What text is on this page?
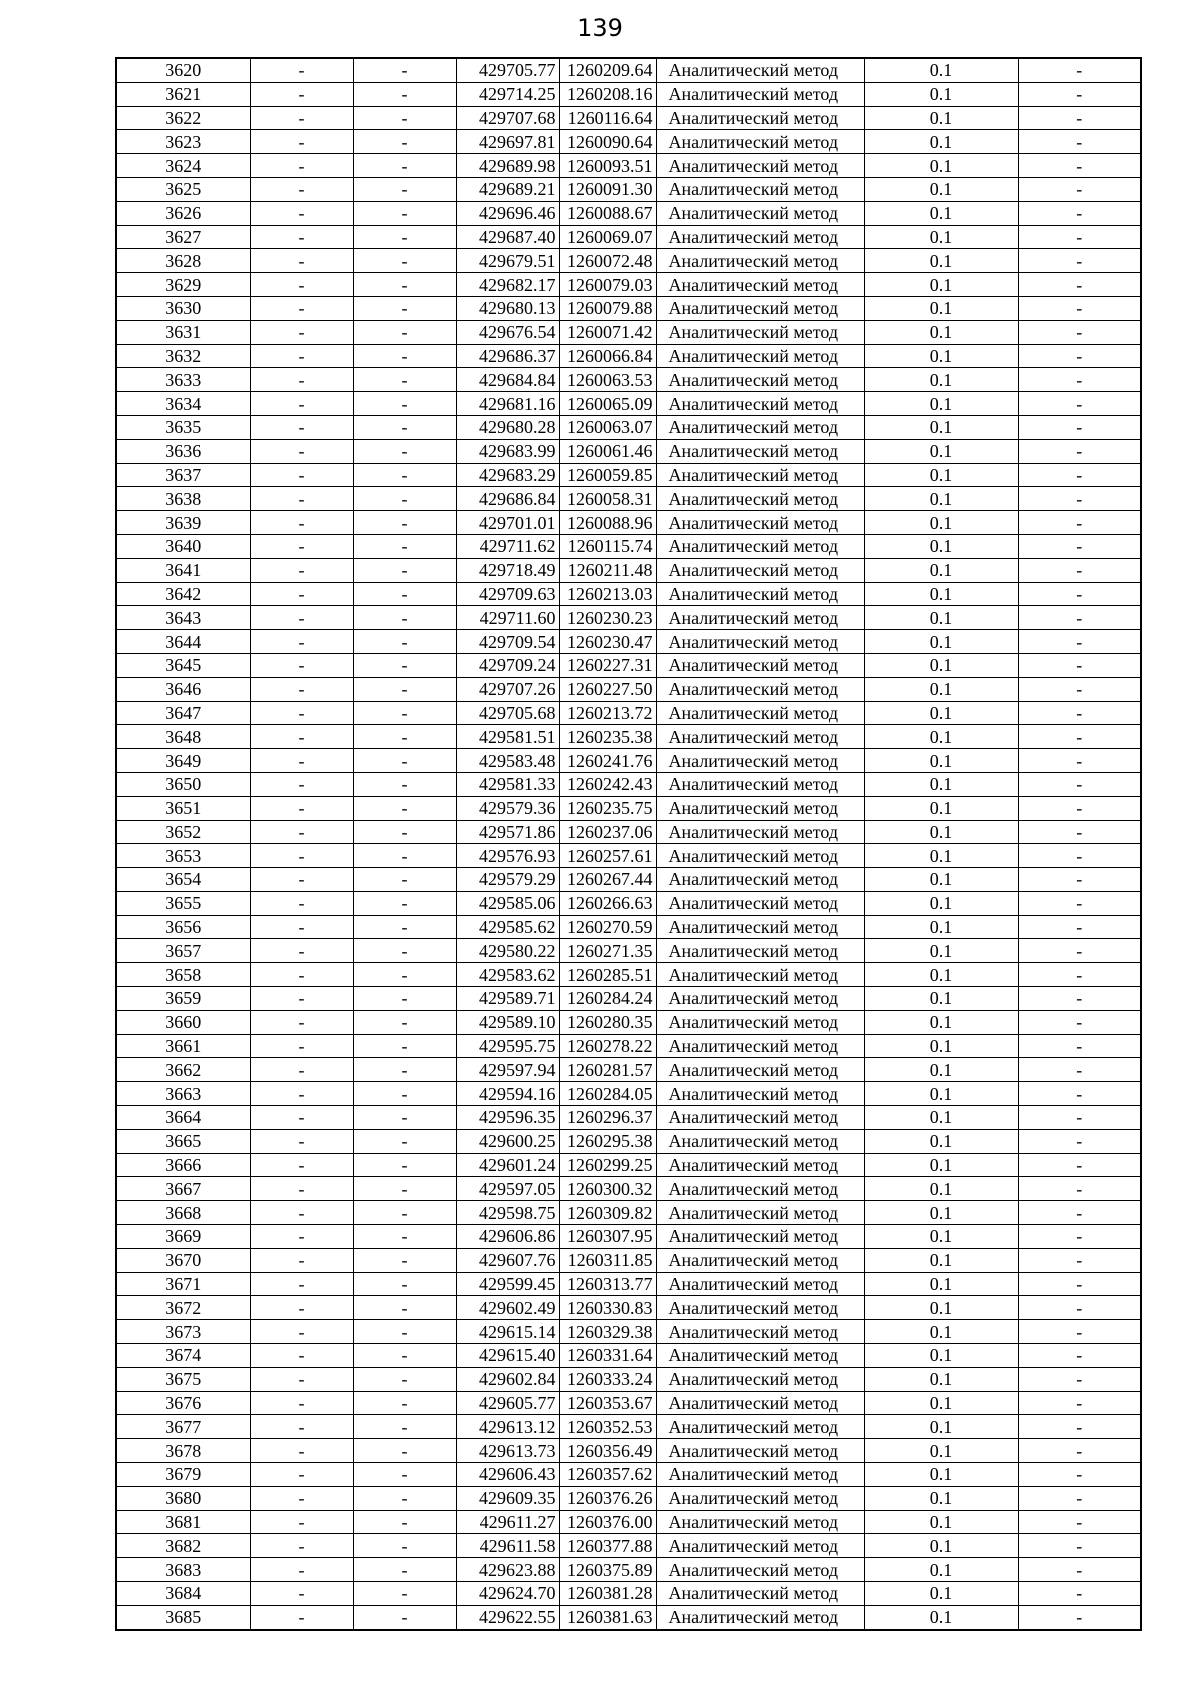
139
3620	-	-	429705.77	1260209.64	Аналитический метод	0.1	-
3621	-	-	429714.25	1260208.16	Аналитический метод	0.1	-
3622	-	-	429707.68	1260116.64	Аналитический метод	0.1	-
3623	-	-	429697.81	1260090.64	Аналитический метод	0.1	-
3624	-	-	429689.98	1260093.51	Аналитический метод	0.1	-
3625	-	-	429689.21	1260091.30	Аналитический метод	0.1	-
3626	-	-	429696.46	1260088.67	Аналитический метод	0.1	-
3627	-	-	429687.40	1260069.07	Аналитический метод	0.1	-
3628	-	-	429679.51	1260072.48	Аналитический метод	0.1	-
3629	-	-	429682.17	1260079.03	Аналитический метод	0.1	-
3630	-	-	429680.13	1260079.88	Аналитический метод	0.1	-
3631	-	-	429676.54	1260071.42	Аналитический метод	0.1	-
3632	-	-	429686.37	1260066.84	Аналитический метод	0.1	-
3633	-	-	429684.84	1260063.53	Аналитический метод	0.1	-
3634	-	-	429681.16	1260065.09	Аналитический метод	0.1	-
3635	-	-	429680.28	1260063.07	Аналитический метод	0.1	-
3636	-	-	429683.99	1260061.46	Аналитический метод	0.1	-
3637	-	-	429683.29	1260059.85	Аналитический метод	0.1	-
3638	-	-	429686.84	1260058.31	Аналитический метод	0.1	-
3639	-	-	429701.01	1260088.96	Аналитический метод	0.1	-
3640	-	-	429711.62	1260115.74	Аналитический метод	0.1	-
3641	-	-	429718.49	1260211.48	Аналитический метод	0.1	-
3642	-	-	429709.63	1260213.03	Аналитический метод	0.1	-
3643	-	-	429711.60	1260230.23	Аналитический метод	0.1	-
3644	-	-	429709.54	1260230.47	Аналитический метод	0.1	-
3645	-	-	429709.24	1260227.31	Аналитический метод	0.1	-
3646	-	-	429707.26	1260227.50	Аналитический метод	0.1	-
3647	-	-	429705.68	1260213.72	Аналитический метод	0.1	-
3648	-	-	429581.51	1260235.38	Аналитический метод	0.1	-
3649	-	-	429583.48	1260241.76	Аналитический метод	0.1	-
3650	-	-	429581.33	1260242.43	Аналитический метод	0.1	-
3651	-	-	429579.36	1260235.75	Аналитический метод	0.1	-
3652	-	-	429571.86	1260237.06	Аналитический метод	0.1	-
3653	-	-	429576.93	1260257.61	Аналитический метод	0.1	-
3654	-	-	429579.29	1260267.44	Аналитический метод	0.1	-
3655	-	-	429585.06	1260266.63	Аналитический метод	0.1	-
3656	-	-	429585.62	1260270.59	Аналитический метод	0.1	-
3657	-	-	429580.22	1260271.35	Аналитический метод	0.1	-
3658	-	-	429583.62	1260285.51	Аналитический метод	0.1	-
3659	-	-	429589.71	1260284.24	Аналитический метод	0.1	-
3660	-	-	429589.10	1260280.35	Аналитический метод	0.1	-
3661	-	-	429595.75	1260278.22	Аналитический метод	0.1	-
3662	-	-	429597.94	1260281.57	Аналитический метод	0.1	-
3663	-	-	429594.16	1260284.05	Аналитический метод	0.1	-
3664	-	-	429596.35	1260296.37	Аналитический метод	0.1	-
3665	-	-	429600.25	1260295.38	Аналитический метод	0.1	-
3666	-	-	429601.24	1260299.25	Аналитический метод	0.1	-
3667	-	-	429597.05	1260300.32	Аналитический метод	0.1	-
3668	-	-	429598.75	1260309.82	Аналитический метод	0.1	-
3669	-	-	429606.86	1260307.95	Аналитический метод	0.1	-
3670	-	-	429607.76	1260311.85	Аналитический метод	0.1	-
3671	-	-	429599.45	1260313.77	Аналитический метод	0.1	-
3672	-	-	429602.49	1260330.83	Аналитический метод	0.1	-
3673	-	-	429615.14	1260329.38	Аналитический метод	0.1	-
3674	-	-	429615.40	1260331.64	Аналитический метод	0.1	-
3675	-	-	429602.84	1260333.24	Аналитический метод	0.1	-
3676	-	-	429605.77	1260353.67	Аналитический метод	0.1	-
3677	-	-	429613.12	1260352.53	Аналитический метод	0.1	-
3678	-	-	429613.73	1260356.49	Аналитический метод	0.1	-
3679	-	-	429606.43	1260357.62	Аналитический метод	0.1	-
3680	-	-	429609.35	1260376.26	Аналитический метод	0.1	-
3681	-	-	429611.27	1260376.00	Аналитический метод	0.1	-
3682	-	-	429611.58	1260377.88	Аналитический метод	0.1	-
3683	-	-	429623.88	1260375.89	Аналитический метод	0.1	-
3684	-	-	429624.70	1260381.28	Аналитический метод	0.1	-
3685	-	-	429622.55	1260381.63	Аналитический метод	0.1	-
